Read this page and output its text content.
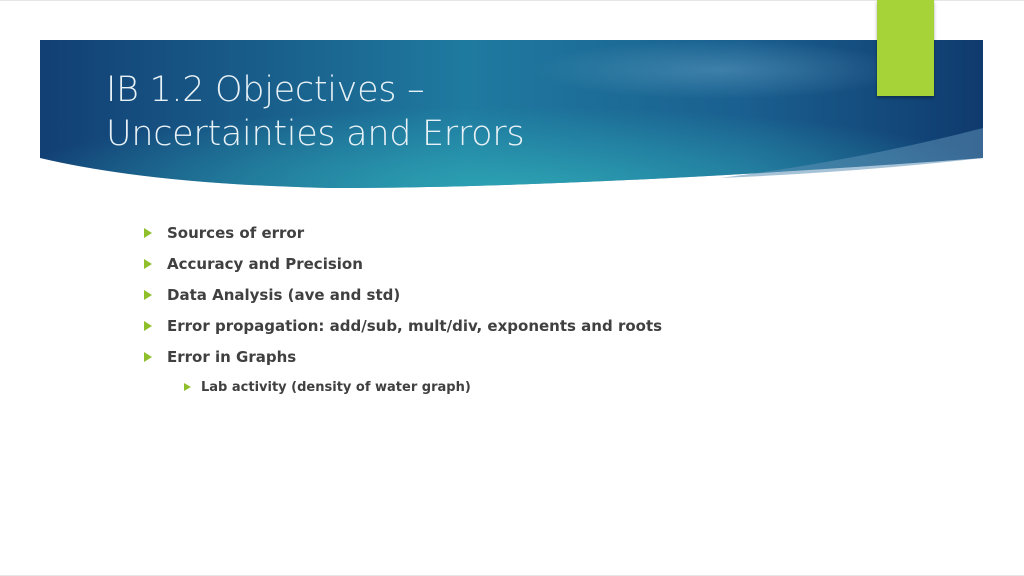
IB 1.2 Objectives –
Uncertainties and Errors
Sources of error
Accuracy and Precision
Data Analysis (ave and std)
Error propagation: add/sub, mult/div, exponents and roots
Error in Graphs
Lab activity (density of water graph)
